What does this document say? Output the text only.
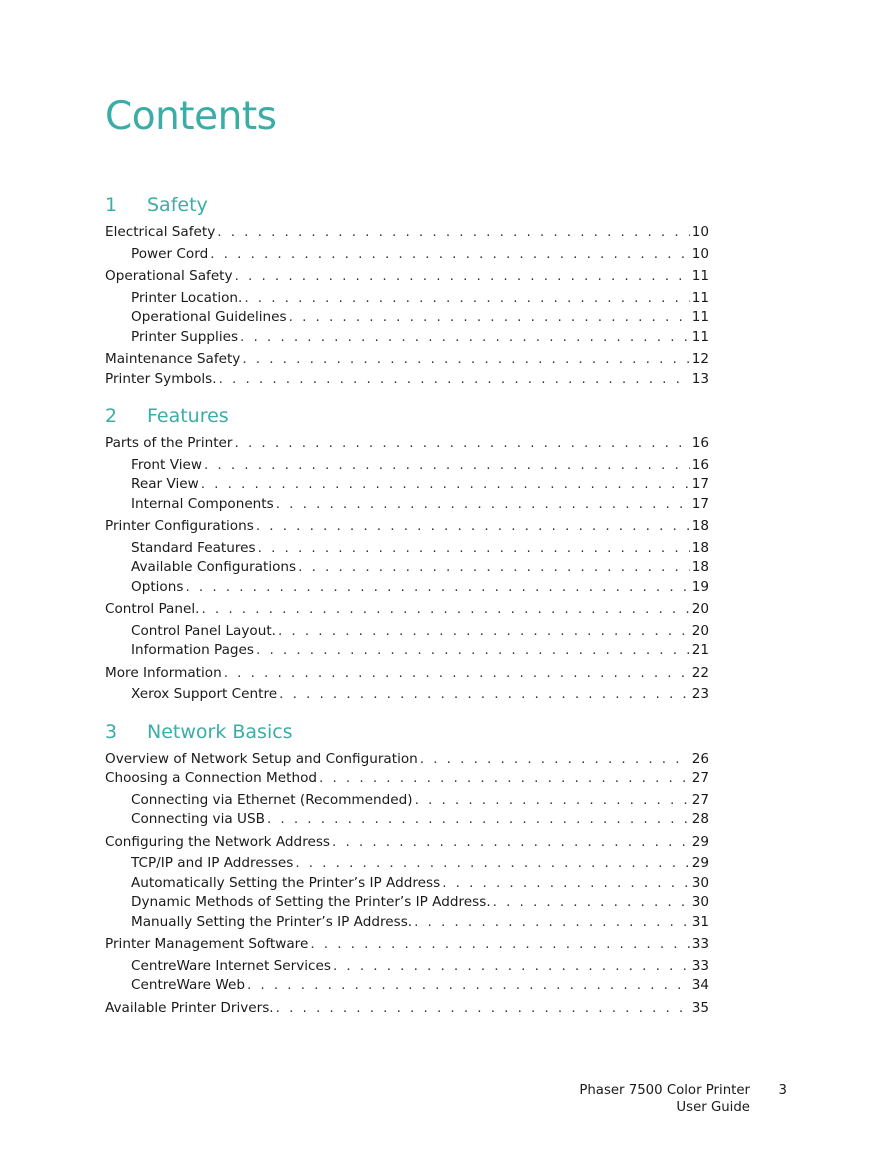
Contents
1	Safety
Electrical Safety . . .	10
Power Cord . . .	10
Operational Safety . . .	11
Printer Location. . . .	11
Operational Guidelines . . .	11
Printer Supplies . . .	11
Maintenance Safety . . .	12
Printer Symbols. . . .	13
2	Features
Parts of the Printer . . .	16
Front View . . .	16
Rear View . . .	17
Internal Components . . .	17
Printer Configurations . . .	18
Standard Features . . .	18
Available Configurations . . .	18
Options . . .	19
Control Panel. . . .	20
Control Panel Layout. . . .	20
Information Pages . . .	21
More Information . . .	22
Xerox Support Centre . . .	23
3	Network Basics
Overview of Network Setup and Configuration . . .	26
Choosing a Connection Method . . .	27
Connecting via Ethernet (Recommended) . . .	27
Connecting via USB . . .	28
Configuring the Network Address . . .	29
TCP/IP and IP Addresses . . .	29
Automatically Setting the Printer’s IP Address . . .	30
Dynamic Methods of Setting the Printer’s IP Address. . . .	30
Manually Setting the Printer’s IP Address. . . .	31
Printer Management Software . . .	33
CentreWare Internet Services . . .	33
CentreWare Web . . .	34
Available Printer Drivers. . . .	35
Phaser 7500 Color Printer
User Guide
3
